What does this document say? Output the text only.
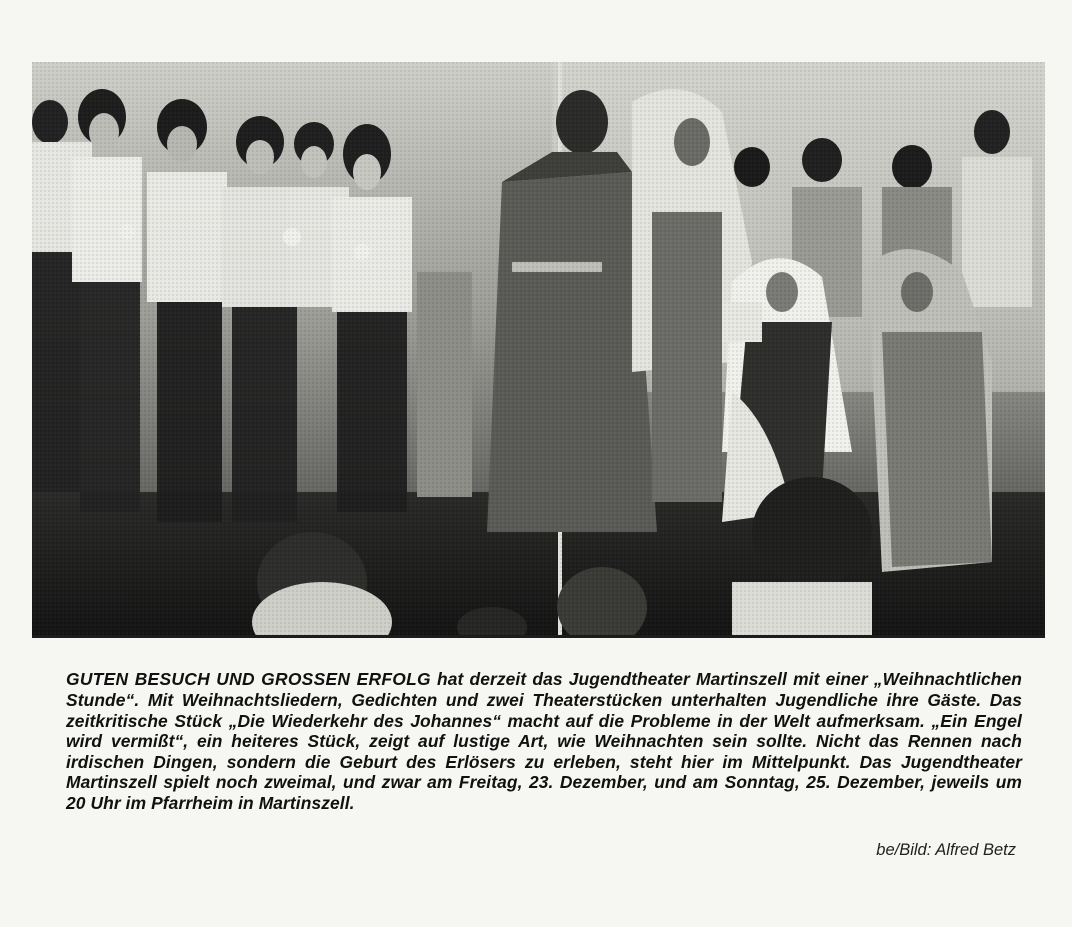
GUTEN BESUCH UND GROSSEN ERFOLG hat derzeit das Jugendtheater Martinszell mit einer „Weihnachtlichen Stunde“. Mit Weihnachtsliedern, Gedichten und zwei Theaterstücken unterhalten Jugendliche ihre Gäste. Das zeitkritische Stück „Die Wiederkehr des Johannes“ macht auf die Probleme in der Welt aufmerksam. „Ein Engel wird vermißt“, ein heiteres Stück, zeigt auf lustige Art, wie Weihnachten sein sollte. Nicht das Rennen nach irdischen Dingen, sondern die Geburt des Erlösers zu erleben, steht hier im Mittelpunkt. Das Jugendtheater Martinszell spielt noch zweimal, und zwar am Freitag, 23. Dezember, und am Sonntag, 25. Dezember, jeweils um 20 Uhr im Pfarrheim in Martinszell.

be/Bild: Alfred Betz
